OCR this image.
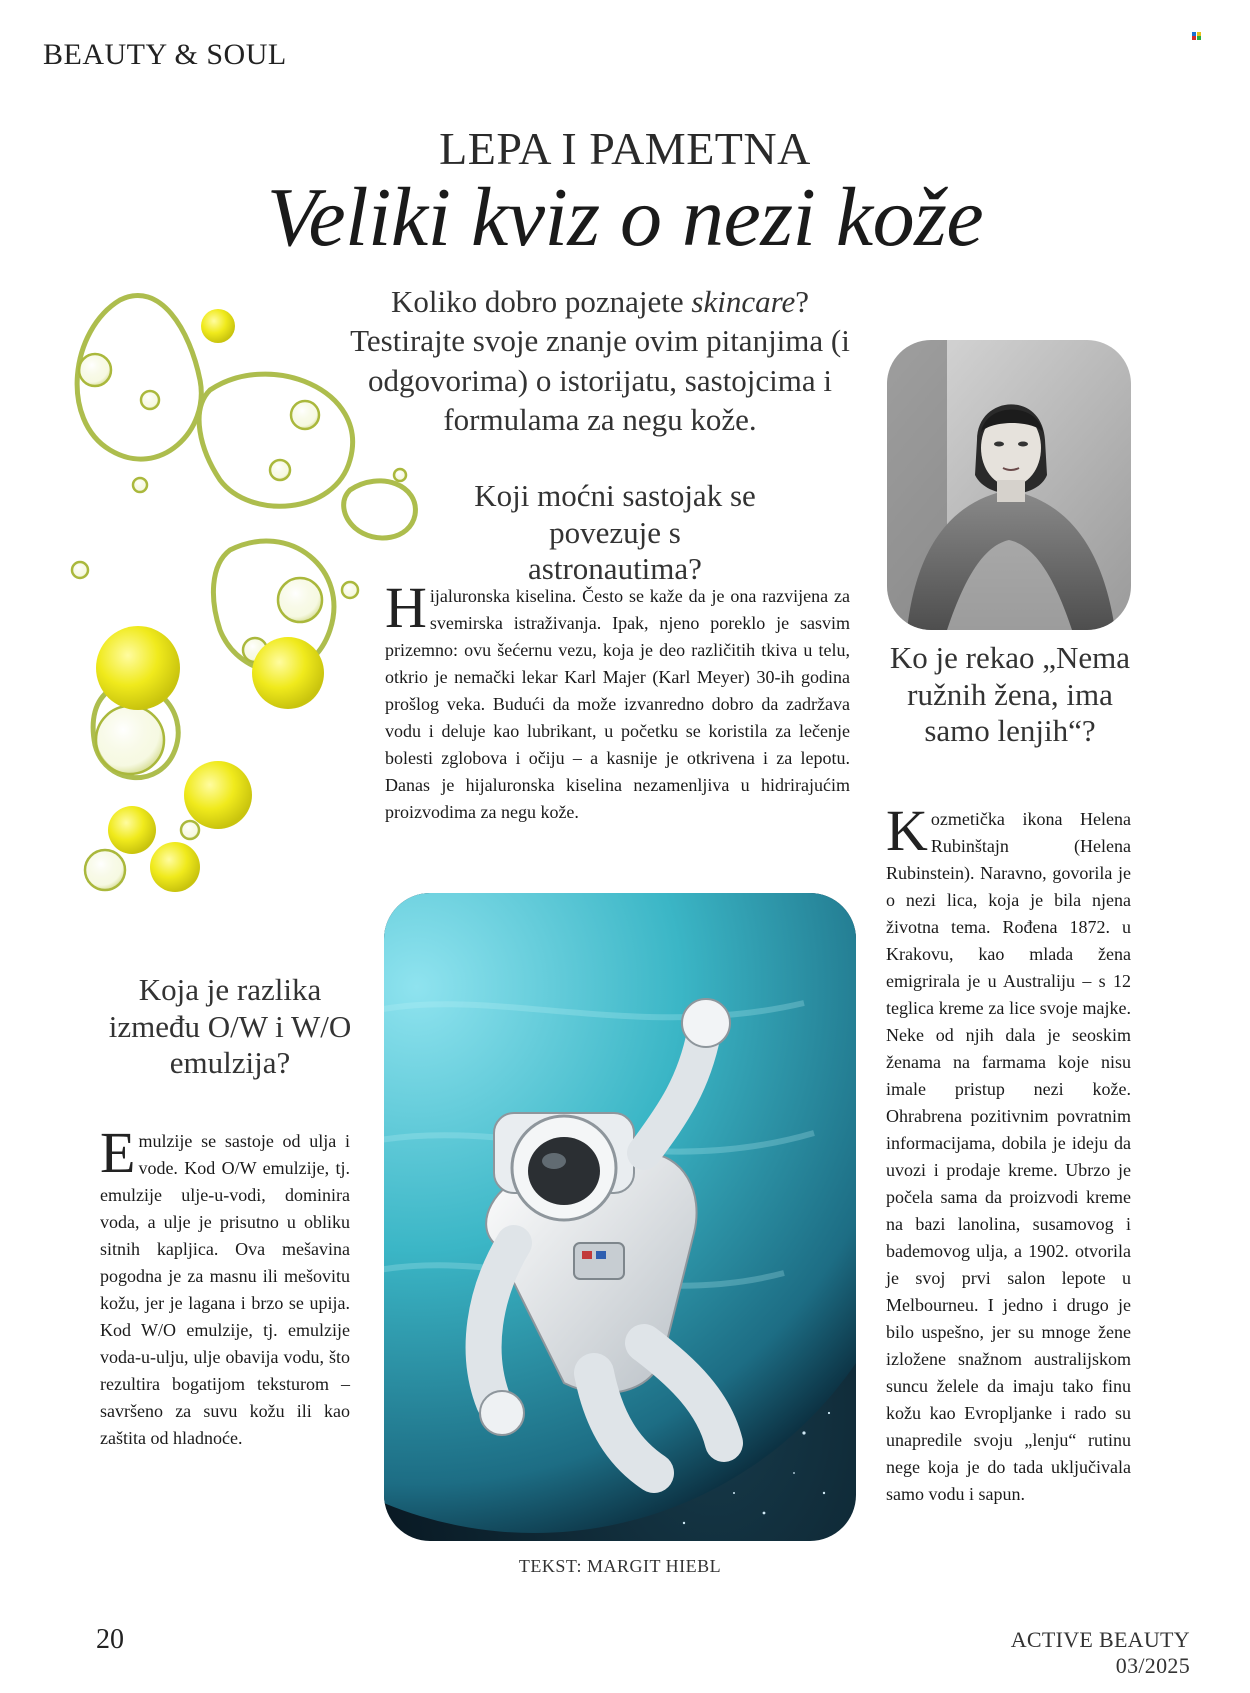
BEAUTY & SOUL
LEPA I PAMETNA
Veliki kviz o nezi kože

Koliko dobro poznajete skincare?

Testirajte svoje znanje ovim pitanjima (i odgovorima) o istorijatu, sastojcima i formulama za negu kože.

Koji moćni sastojak se povezuje s astronautima?

Hijaluronska kiselina. Često se kaže da je ona razvijena za svemirska istraživanja. Ipak, njeno poreklo je sasvim prizemno: ovu šećernu vezu, koja je deo različitih tkiva u telu, otkrio je nemački lekar Karl Majer (Karl Meyer) 30-ih godina prošlog veka. Budući da može izvanredno dobro da zadržava vodu i deluje kao lubrikant, u početku se koristila za lečenje bolesti zglobova i očiju – a kasnije je otkrivena i za lepotu. Danas je hijaluronska kiselina nezamenljiva u hidrirajućim proizvodima za negu kože.

Ko je rekao „Nema ružnih žena, ima samo lenjih“?

Kozmetička ikona Helena Rubinštajn (Helena Rubinstein). Naravno, govorila je o nezi lica, koja je bila njena životna tema. Rođena 1872. u Krakovu, kao mlada žena emigrirala je u Australiju – s 12 teglica kreme za lice svoje majke. Neke od njih dala je seoskim ženama na farmama koje nisu imale pristup nezi kože. Ohrabrena pozitivnim povratnim informacijama, dobila je ideju da uvozi i prodaje kreme. Ubrzo je počela sama da proizvodi kreme na bazi lanolina, susamovog i bademovog ulja, a 1902. otvorila je svoj prvi salon lepote u Melbourneu. I jedno i drugo je bilo uspešno, jer su mnoge žene izložene snažnom australijskom suncu želele da imaju tako finu kožu kao Evropljanke i rado su unapredile svoju „lenju“ rutinu nege koja je do tada uključivala samo vodu i sapun.

Koja je razlika između O/W i W/O emulzija?

Emulzije se sastoje od ulja i vode. Kod O/W emulzije, tj. emulzije ulje-u-vodi, dominira voda, a ulje je prisutno u obliku sitnih kapljica. Ova mešavina pogodna je za masnu ili mešovitu kožu, jer je lagana i brzo se upija. Kod W/O emulzije, tj. emulzije voda-u-ulju, ulje obavija vodu, što rezultira bogatijom teksturom – savršeno za suvu kožu ili kao zaštita od hladnoće.

TEKST: MARGIT HIEBL
20	ACTIVE BEAUTY 03/2025
